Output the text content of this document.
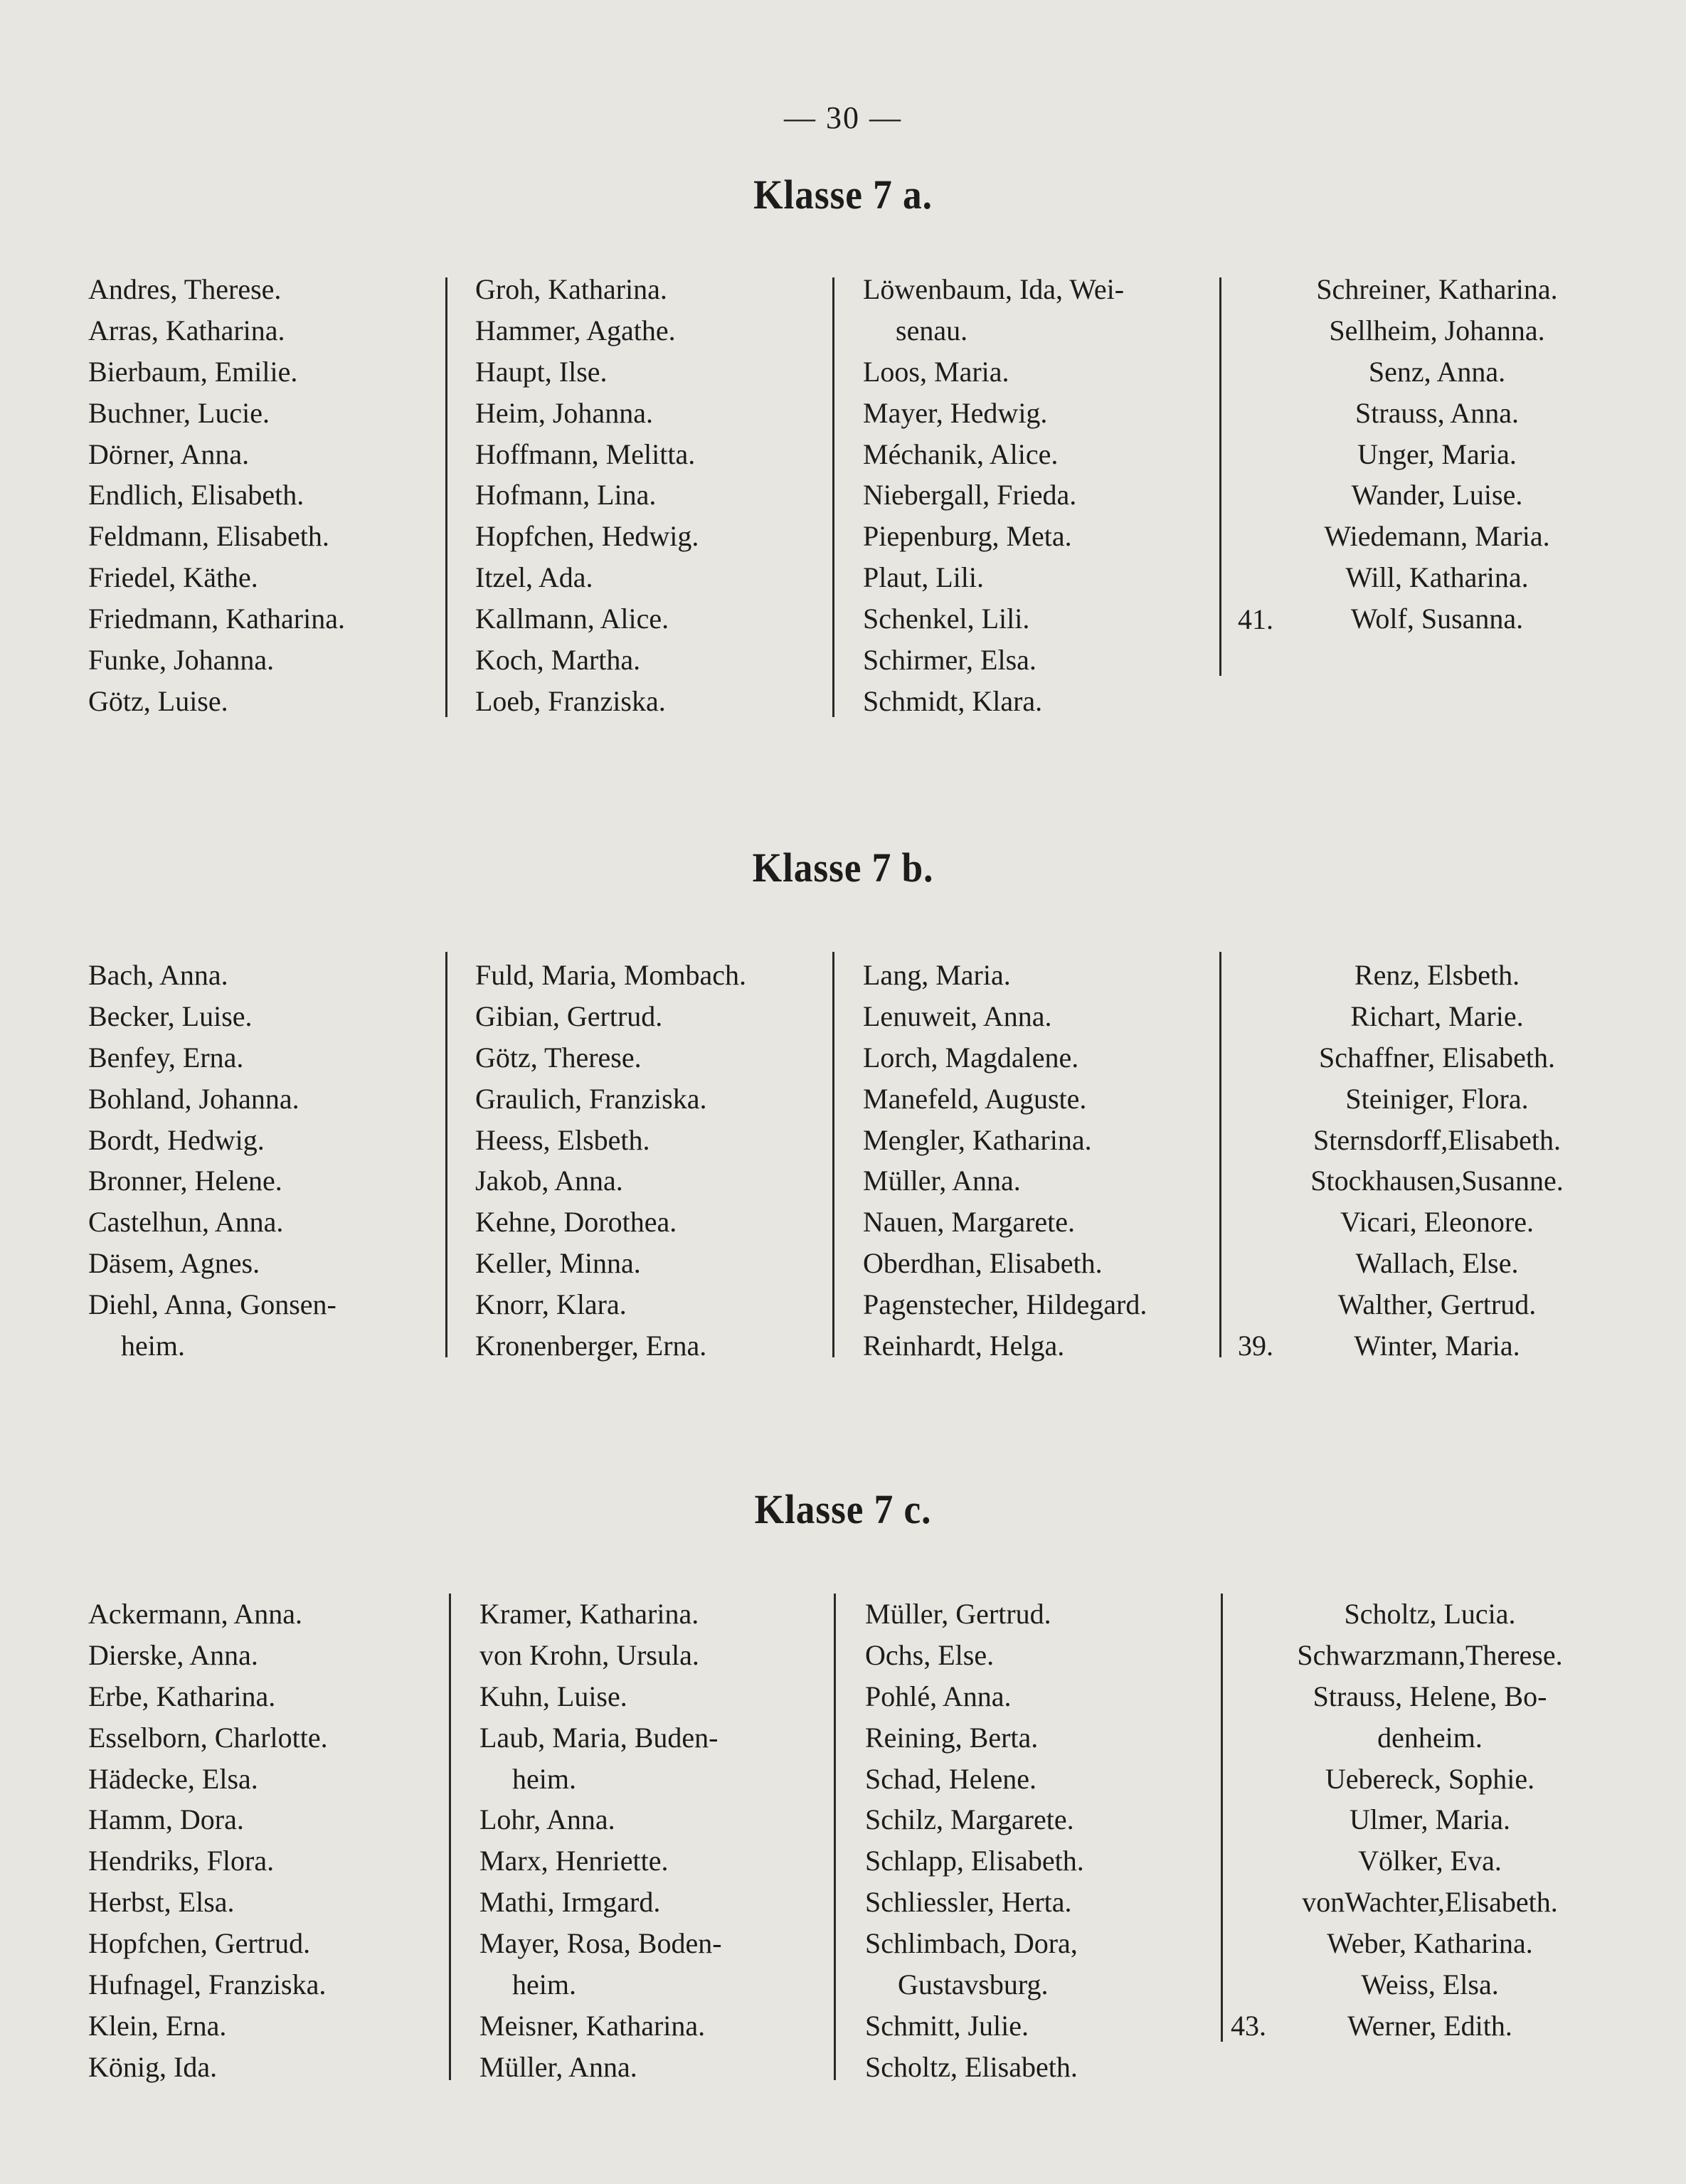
— 30 —
Klasse 7 a.
Andres, Therese.
Arras, Katharina.
Bierbaum, Emilie.
Buchner, Lucie.
Dörner, Anna.
Endlich, Elisabeth.
Feldmann, Elisabeth.
Friedel, Käthe.
Friedmann, Katharina.
Funke, Johanna.
Götz, Luise.
Groh, Katharina.
Hammer, Agathe.
Haupt, Ilse.
Heim, Johanna.
Hoffmann, Melitta.
Hofmann, Lina.
Hopfchen, Hedwig.
Itzel, Ada.
Kallmann, Alice.
Koch, Martha.
Loeb, Franziska.
Löwenbaum, Ida, Wei-
senau.
Loos, Maria.
Mayer, Hedwig.
Méchanik, Alice.
Niebergall, Frieda.
Piepenburg, Meta.
Plaut, Lili.
Schenkel, Lili.
Schirmer, Elsa.
Schmidt, Klara.
Schreiner, Katharina.
Sellheim, Johanna.
Senz, Anna.
Strauss, Anna.
Unger, Maria.
Wander, Luise.
Wiedemann, Maria.
Will, Katharina.
Wolf, Susanna.
41.
Klasse 7 b.
Bach, Anna.
Becker, Luise.
Benfey, Erna.
Bohland, Johanna.
Bordt, Hedwig.
Bronner, Helene.
Castelhun, Anna.
Däsem, Agnes.
Diehl, Anna, Gonsen-
heim.
Fuld, Maria, Mombach.
Gibian, Gertrud.
Götz, Therese.
Graulich, Franziska.
Heess, Elsbeth.
Jakob, Anna.
Kehne, Dorothea.
Keller, Minna.
Knorr, Klara.
Kronenberger, Erna.
Lang, Maria.
Lenuweit, Anna.
Lorch, Magdalene.
Manefeld, Auguste.
Mengler, Katharina.
Müller, Anna.
Nauen, Margarete.
Oberdhan, Elisabeth.
Pagenstecher, Hildegard.
Reinhardt, Helga.
Renz, Elsbeth.
Richart, Marie.
Schaffner, Elisabeth.
Steiniger, Flora.
Sternsdorff,Elisabeth.
Stockhausen,Susanne.
Vicari, Eleonore.
Wallach, Else.
Walther, Gertrud.
Winter, Maria.
39.
Klasse 7 c.
Ackermann, Anna.
Dierske, Anna.
Erbe, Katharina.
Esselborn, Charlotte.
Hädecke, Elsa.
Hamm, Dora.
Hendriks, Flora.
Herbst, Elsa.
Hopfchen, Gertrud.
Hufnagel, Franziska.
Klein, Erna.
König, Ida.
Kramer, Katharina.
von Krohn, Ursula.
Kuhn, Luise.
Laub, Maria, Buden-
heim.
Lohr, Anna.
Marx, Henriette.
Mathi, Irmgard.
Mayer, Rosa, Boden-
heim.
Meisner, Katharina.
Müller, Anna.
Müller, Gertrud.
Ochs, Else.
Pohlé, Anna.
Reining, Berta.
Schad, Helene.
Schilz, Margarete.
Schlapp, Elisabeth.
Schliessler, Herta.
Schlimbach, Dora,
Gustavsburg.
Schmitt, Julie.
Scholtz, Elisabeth.
Scholtz, Lucia.
Schwarzmann,Therese.
Strauss, Helene, Bo-
denheim.
Uebereck, Sophie.
Ulmer, Maria.
Völker, Eva.
vonWachter,Elisabeth.
Weber, Katharina.
Weiss, Elsa.
Werner, Edith.
43.
